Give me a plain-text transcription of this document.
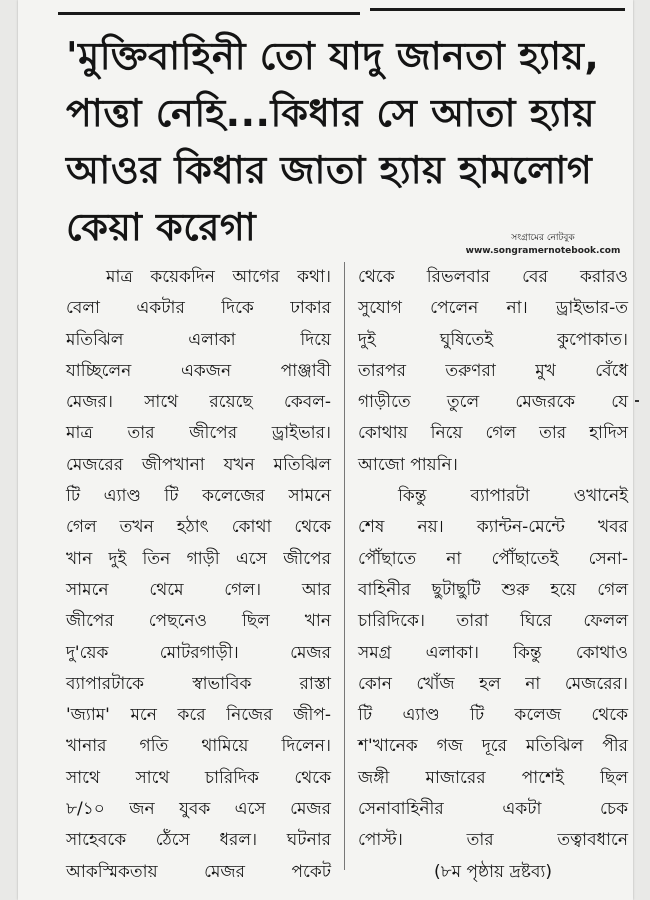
'মুক্তিবাহিনী তো যাদু জানতা হ্যায়,
পাত্তা নেহি...কিধার সে আতা হ্যায়
আওর কিধার জাতা হ্যায় হামলোগ
কেয়া করেগা	সংগ্রামের নোটবুক
www.songramernotebook.com

মাত্র কয়েকদিন আগের কথা।
বেলা একটার দিকে ঢাকার
মতিঝিল এলাকা দিয়ে
যাচ্ছিলেন একজন পাঞ্জাবী
মেজর। সাথে রয়েছে কেবল-
মাত্র তার জীপের ড্রাইভার।
মেজরের জীপখানা যখন মতিঝিল
টি এ্যাণ্ড টি কলেজের সামনে
গেল তখন হঠাৎ কোথা থেকে
খান দুই তিন গাড়ী এসে জীপের
সামনে থেমে গেল। আর
জীপের পেছনেও ছিল খান
দু'য়েক মোটরগাড়ী। মেজর
ব্যাপারটাকে স্বাভাবিক রাস্তা
'জ্যাম' মনে করে নিজের জীপ-
খানার গতি থামিয়ে দিলেন।
সাথে সাথে চারিদিক থেকে
৮/১০ জন যুবক এসে মেজর
সাহেবকে ঠেঁসে ধরল। ঘটনার
আকস্মিকতায় মেজর পকেট

থেকে রিভলবার বের করারও
সুযোগ পেলেন না। ড্রাইভার-ত
দুই ঘুষিতেই কুপোকাত।
তারপর তরুণরা মুখ বেঁধে
গাড়ীতে তুলে মেজরকে যে
কোথায় নিয়ে গেল তার হাদিস
আজো পায়নি।

কিন্তু ব্যাপারটা ওখানেই
শেষ নয়। ক্যান্টন-মেন্টে খবর
পৌঁছাতে না পৌঁছাতেই সেনা-
বাহিনীর ছুটাছুটি শুরু হয়ে গেল
চারিদিকে। তারা ঘিরে ফেলল
সমগ্র এলাকা। কিন্তু কোথাও
কোন খোঁজ হল না মেজরের।
টি এ্যাণ্ড টি কলেজ থেকে
শ'খানেক গজ দূরে মতিঝিল পীর
জঙ্গী মাজারের পাশেই ছিল
সেনাবাহিনীর একটা চেক
পোস্ট। তার তত্বাবধানে

(৮ম পৃষ্ঠায় দ্রষ্টব্য)
